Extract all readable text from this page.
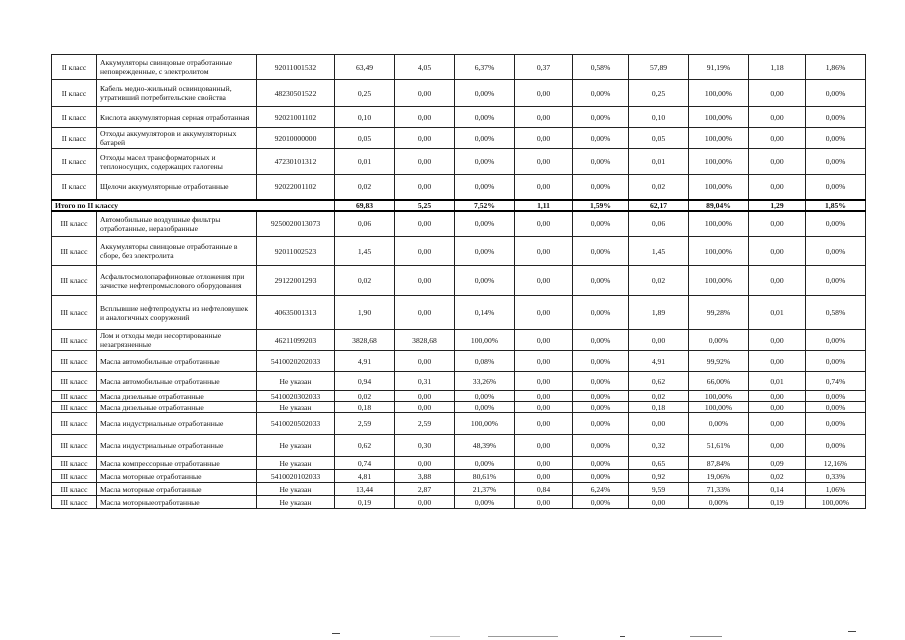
II класс	Аккумуляторы свинцовые отработанные неповрежденные, с электролитом	92011001532	63,49	4,05	6,37%	0,37	0,58%	57,89	91,19%	1,18	1,86%
II класс	Кабель медно-жильный освинцованный, утративший потребительские свойства	48230501522	0,25	0,00	0,00%	0,00	0,00%	0,25	100,00%	0,00	0,00%
II класс	Кислота аккумуляторная серная отработанная	92021001102	0,10	0,00	0,00%	0,00	0,00%	0,10	100,00%	0,00	0,00%
II класс	Отходы аккумуляторов и аккумуляторных батарей	92010000000	0,05	0,00	0,00%	0,00	0,00%	0,05	100,00%	0,00	0,00%
II класс	Отходы масел трансформаторных и теплоносущих, содержащих галогены	47230101312	0,01	0,00	0,00%	0,00	0,00%	0,01	100,00%	0,00	0,00%
II класс	Щелочи аккумуляторные отработанные	92022001102	0,02	0,00	0,00%	0,00	0,00%	0,02	100,00%	0,00	0,00%
Итого по II классу			69,83	5,25	7,52%	1,11	1,59%	62,17	89,04%	1,29	1,85%
III класс	Автомобильные воздушные фильтры отработанные, неразобранные	9250020013073	0,06	0,00	0,00%	0,00	0,00%	0,06	100,00%	0,00	0,00%
III класс	Аккумуляторы свинцовые отработанные в сборе, без электролита	92011002523	1,45	0,00	0,00%	0,00	0,00%	1,45	100,00%	0,00	0,00%
III класс	Асфальтосмолопарафиновые отложения при зачистке нефтепромыслового оборудования	29122001293	0,02	0,00	0,00%	0,00	0,00%	0,02	100,00%	0,00	0,00%
III класс	Всплывшие нефтепродукты из нефтеловушек и аналогичных сооружений	40635001313	1,90	0,00	0,14%	0,00	0,00%	1,89	99,28%	0,01	0,58%
III класс	Лом и отходы меди несортированные незагрязненные	46211099203	3828,68	3828,68	100,00%	0,00	0,00%	0,00	0,00%	0,00	0,00%
III класс	Масла автомобильные отработанные	5410020202033	4,91	0,00	0,08%	0,00	0,00%	4,91	99,92%	0,00	0,00%
III класс	Масла автомобильные отработанные	Не указан	0,94	0,31	33,26%	0,00	0,00%	0,62	66,00%	0,01	0,74%
III класс	Масла дизельные отработанные	5410020302033	0,02	0,00	0,00%	0,00	0,00%	0,02	100,00%	0,00	0,00%
III класс	Масла дизельные отработанные	Не указан	0,18	0,00	0,00%	0,00	0,00%	0,18	100,00%	0,00	0,00%
III класс	Масла индустриальные отработанные	5410020502033	2,59	2,59	100,00%	0,00	0,00%	0,00	0,00%	0,00	0,00%
III класс	Масла индустриальные отработанные	Не указан	0,62	0,30	48,39%	0,00	0,00%	0,32	51,61%	0,00	0,00%
III класс	Масла компрессорные отработанные	Не указан	0,74	0,00	0,00%	0,00	0,00%	0,65	87,84%	0,09	12,16%
III класс	Масла моторные отработанные	5410020102033	4,81	3,88	80,61%	0,00	0,00%	0,92	19,06%	0,02	0,33%
III класс	Масла моторные отработанные	Не указан	13,44	2,87	21,37%	0,84	6,24%	9,59	71,33%	0,14	1,06%
III класс	Масла моторныеотработанные	Не указан	0,19	0,00	0,00%	0,00	0,00%	0,00	0,00%	0,19	100,00%
